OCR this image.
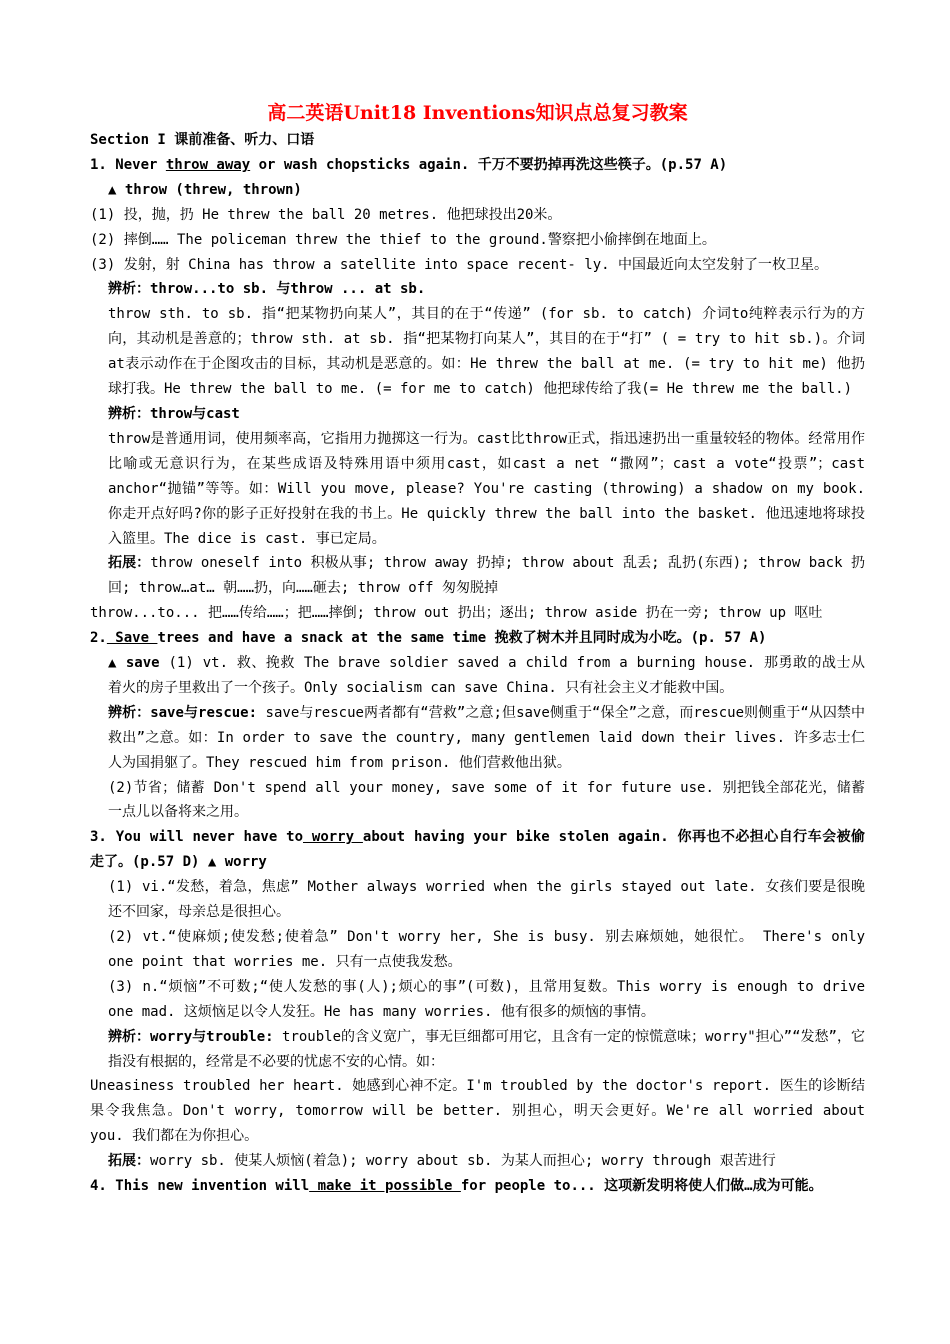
高二英语Unit18 Inventions知识点总复习教案

Section I 课前准备、听力、口语

1. Never throw away or wash chopsticks again. 千万不要扔掉再洗这些筷子。(p.57 A)

▲ throw (threw, thrown)

(1) 投，抛，扔 He threw the ball 20 metres. 他把球投出20米。

(2) 摔倒…… The policeman threw the thief to the ground.警察把小偷摔倒在地面上。

(3) 发射，射 China has throw a satellite into space recent- ly. 中国最近向太空发射了一枚卫星。

辨析：throw...to sb. 与throw ... at sb.

throw sth. to sb. 指“把某物扔向某人”，其目的在于“传递” (for sb. to catch) 介词to纯粹表示行为的方向，其动机是善意的；throw sth. at sb. 指“把某物打向某人”，其目的在于“打” ( = try to hit sb.)。介词at表示动作在于企图攻击的目标，其动机是恶意的。如：He threw the ball at me. (= try to hit me) 他扔球打我。He threw the ball to me. (= for me to catch) 他把球传给了我(= He threw me the ball.)

辨析：throw与cast

throw是普通用词，使用频率高，它指用力抛掷这一行为。cast比throw正式，指迅速扔出一重量较轻的物体。经常用作比喻或无意识行为，在某些成语及特殊用语中须用cast，如cast a net “撒网”；cast a vote“投票”；cast anchor“抛锚”等等。如：Will you move, please? You're casting (throwing) a shadow on my book. 你走开点好吗?你的影子正好投射在我的书上。He quickly threw the ball into the basket. 他迅速地将球投入篮里。The dice is cast. 事已定局。

拓展：throw oneself into 积极从事; throw away 扔掉; throw about 乱丢; 乱扔(东西); throw back 扔回; throw…at… 朝……扔，向……砸去; throw off 匆匆脱掉

throw...to... 把……传给……；把……摔倒; throw out 扔出；逐出; throw aside 扔在一旁; throw up 呕吐

2. Save trees and have a snack at the same time 挽救了树木并且同时成为小吃。(p. 57 A)

▲ save (1) vt. 救、挽救 The brave soldier saved a child from a burning house. 那勇敢的战士从着火的房子里救出了一个孩子。Only socialism can save China. 只有社会主义才能救中国。

辨析：save与rescue: save与rescue两者都有“营救”之意;但save侧重于“保全”之意，而rescue则侧重于“从囚禁中救出”之意。如：In order to save the country, many gentlemen laid down their lives. 许多志士仁人为国捐躯了。They rescued him from prison. 他们营救他出狱。

(2)节省；储蓄 Don't spend all your money, save some of it for future use. 别把钱全部花光，储蓄一点儿以备将来之用。

3. You will never have to worry about having your bike stolen again. 你再也不必担心自行车会被偷走了。(p.57 D) ▲ worry

(1) vi.“发愁，着急，焦虑” Mother always worried when the girls stayed out late. 女孩们要是很晚还不回家，母亲总是很担心。

(2) vt.“使麻烦;使发愁;使着急” Don't worry her, She is busy. 别去麻烦她，她很忙。 There's only one point that worries me. 只有一点使我发愁。

(3) n.“烦恼”不可数;“使人发愁的事(人);烦心的事”(可数)，且常用复数。This worry is enough to drive one mad. 这烦恼足以令人发狂。He has many worries. 他有很多的烦恼的事情。

辨析：worry与trouble: trouble的含义宽广，事无巨细都可用它，且含有一定的惊慌意味；worry"担心”“发愁”，它指没有根据的，经常是不必要的忧虑不安的心情。如：

Uneasiness troubled her heart. 她感到心神不定。I'm troubled by the doctor's report. 医生的诊断结果令我焦急。Don't worry, tomorrow will be better. 别担心，明天会更好。We're all worried about you. 我们都在为你担心。

拓展：worry sb. 使某人烦恼(着急); worry about sb. 为某人而担心; worry through 艰苦进行

4. This new invention will make it possible for people to... 这项新发明将使人们做…成为可能。
